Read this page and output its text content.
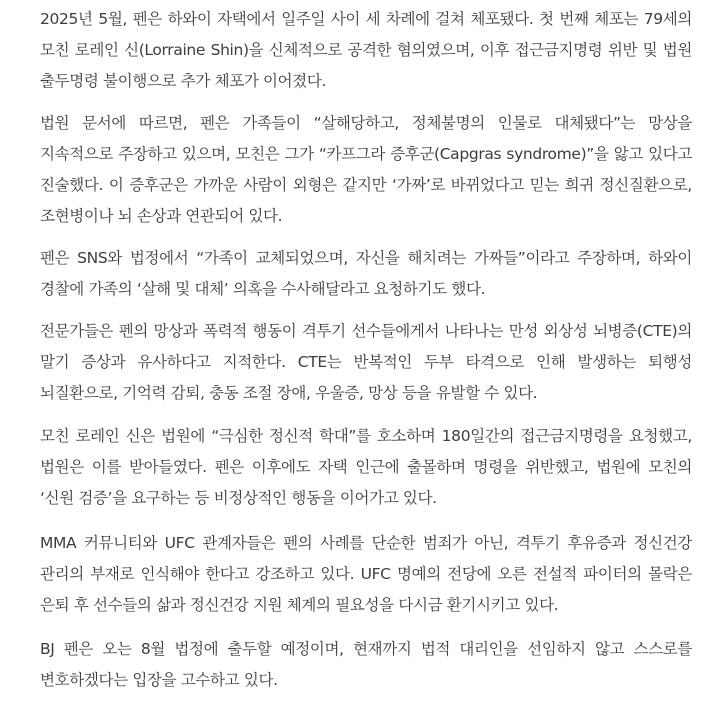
2025년 5월, 펜은 하와이 자택에서 일주일 사이 세 차례에 걸쳐 체포됐다. 첫 번째 체포는 79세의 모친 로레인 신(Lorraine Shin)을 신체적으로 공격한 혐의였으며, 이후 접근금지명령 위반 및 법원 출두명령 불이행으로 추가 체포가 이어졌다.

법원 문서에 따르면, 펜은 가족들이 “살해당하고, 정체불명의 인물로 대체됐다”는 망상을 지속적으로 주장하고 있으며, 모친은 그가 “카프그라 증후군(Capgras syndrome)”을 앓고 있다고 진술했다. 이 증후군은 가까운 사람이 외형은 같지만 ‘가짜’로 바뀌었다고 믿는 희귀 정신질환으로, 조현병이나 뇌 손상과 연관되어 있다.

펜은 SNS와 법정에서 “가족이 교체되었으며, 자신을 해치려는 가짜들”이라고 주장하며, 하와이 경찰에 가족의 ‘살해 및 대체’ 의혹을 수사해달라고 요청하기도 했다.

전문가들은 펜의 망상과 폭력적 행동이 격투기 선수들에게서 나타나는 만성 외상성 뇌병증(CTE)의 말기 증상과 유사하다고 지적한다. CTE는 반복적인 두부 타격으로 인해 발생하는 퇴행성 뇌질환으로, 기억력 감퇴, 충동 조절 장애, 우울증, 망상 등을 유발할 수 있다.

모친 로레인 신은 법원에 “극심한 정신적 학대”를 호소하며 180일간의 접근금지명령을 요청했고, 법원은 이를 받아들였다. 펜은 이후에도 자택 인근에 출몰하며 명령을 위반했고, 법원에 모친의 ‘신원 검증’을 요구하는 등 비정상적인 행동을 이어가고 있다.

MMA 커뮤니티와 UFC 관계자들은 펜의 사례를 단순한 범죄가 아닌, 격투기 후유증과 정신건강 관리의 부재로 인식해야 한다고 강조하고 있다. UFC 명예의 전당에 오른 전설적 파이터의 몰락은 은퇴 후 선수들의 삶과 정신건강 지원 체계의 필요성을 다시금 환기시키고 있다.

BJ 펜은 오는 8월 법정에 출두할 예정이며, 현재까지 법적 대리인을 선임하지 않고 스스로를 변호하겠다는 입장을 고수하고 있다.
